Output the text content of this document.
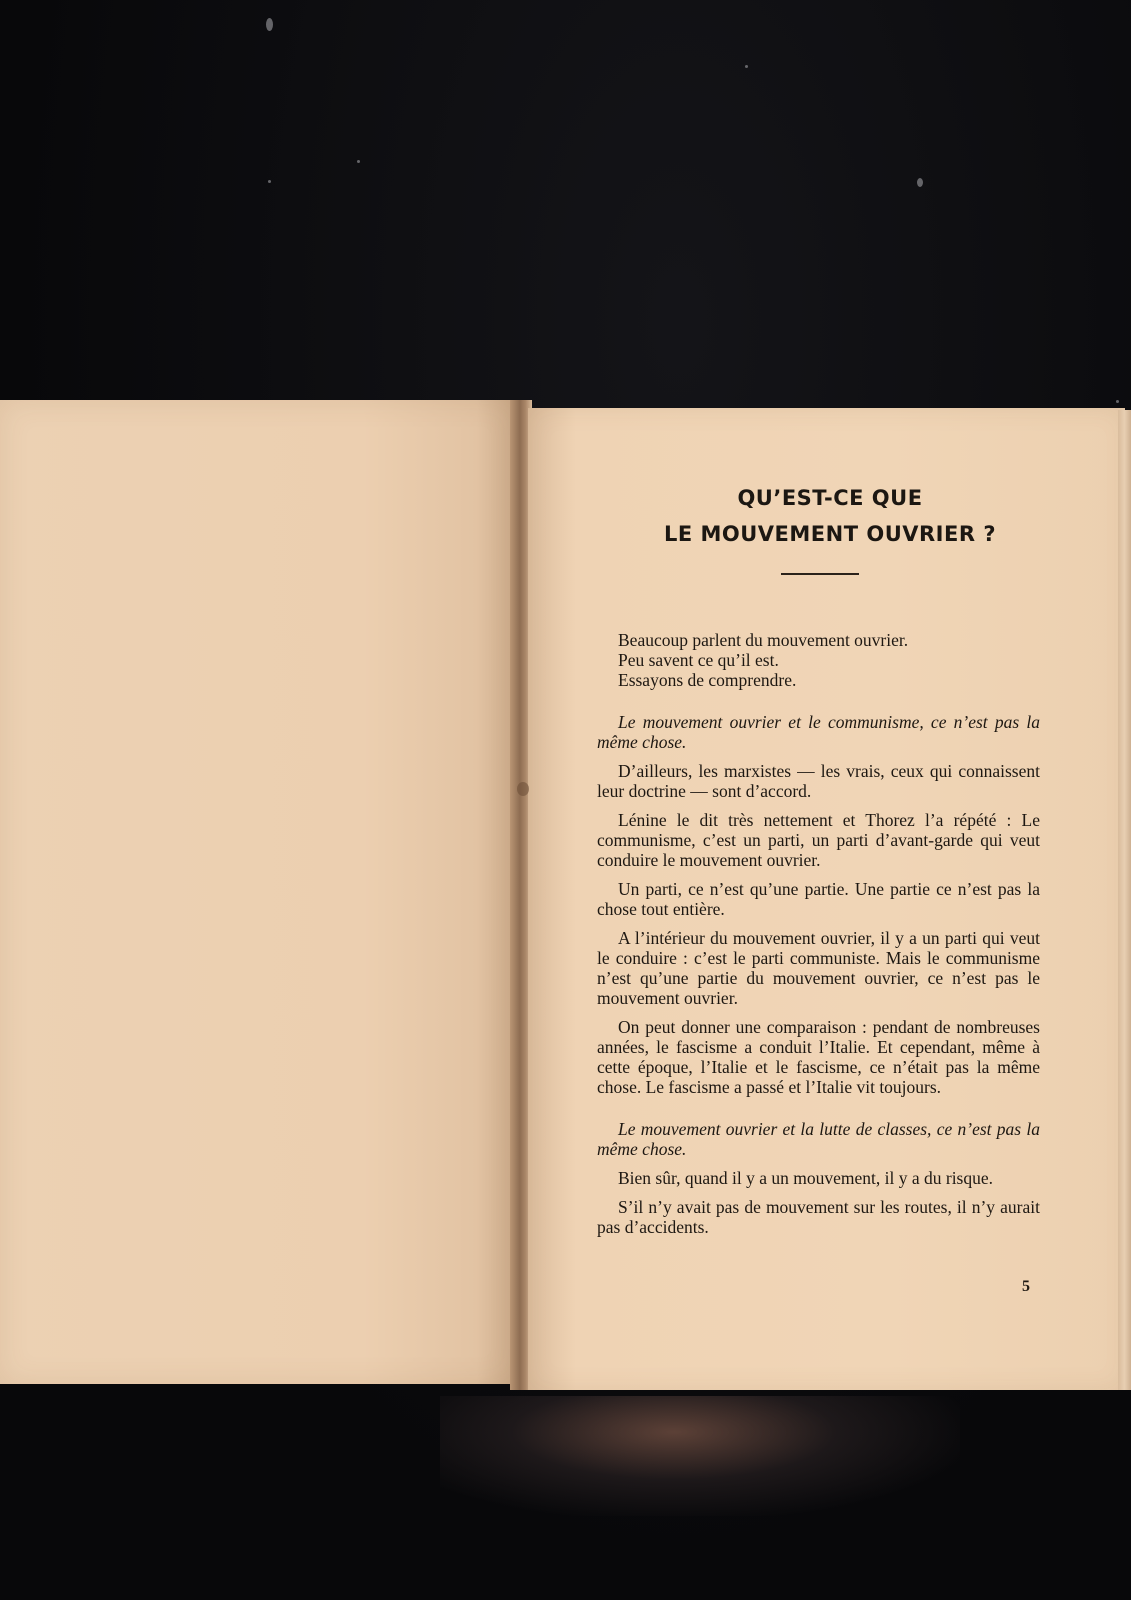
QU’EST-CE QUE
LE MOUVEMENT OUVRIER ?

Beaucoup parlent du mouvement ouvrier.

Peu savent ce qu’il est.

Essayons de comprendre.

Le mouvement ouvrier et le communisme, ce n’est pas la même chose.

D’ailleurs, les marxistes — les vrais, ceux qui connaissent leur doctrine — sont d’accord.

Lénine le dit très nettement et Thorez l’a répété : Le communisme, c’est un parti, un parti d’avant-garde qui veut conduire le mouvement ouvrier.

Un parti, ce n’est qu’une partie. Une partie ce n’est pas la chose tout entière.

A l’intérieur du mouvement ouvrier, il y a un parti qui veut le conduire : c’est le parti communiste. Mais le communisme n’est qu’une partie du mouvement ouvrier, ce n’est pas le mouvement ouvrier.

On peut donner une comparaison : pendant de nombreuses années, le fascisme a conduit l’Italie. Et cependant, même à cette époque, l’Italie et le fascisme, ce n’était pas la même chose. Le fascisme a passé et l’Italie vit toujours.

Le mouvement ouvrier et la lutte de classes, ce n’est pas la même chose.

Bien sûr, quand il y a un mouvement, il y a du risque.

S’il n’y avait pas de mouvement sur les routes, il n’y aurait pas d’accidents.

5
